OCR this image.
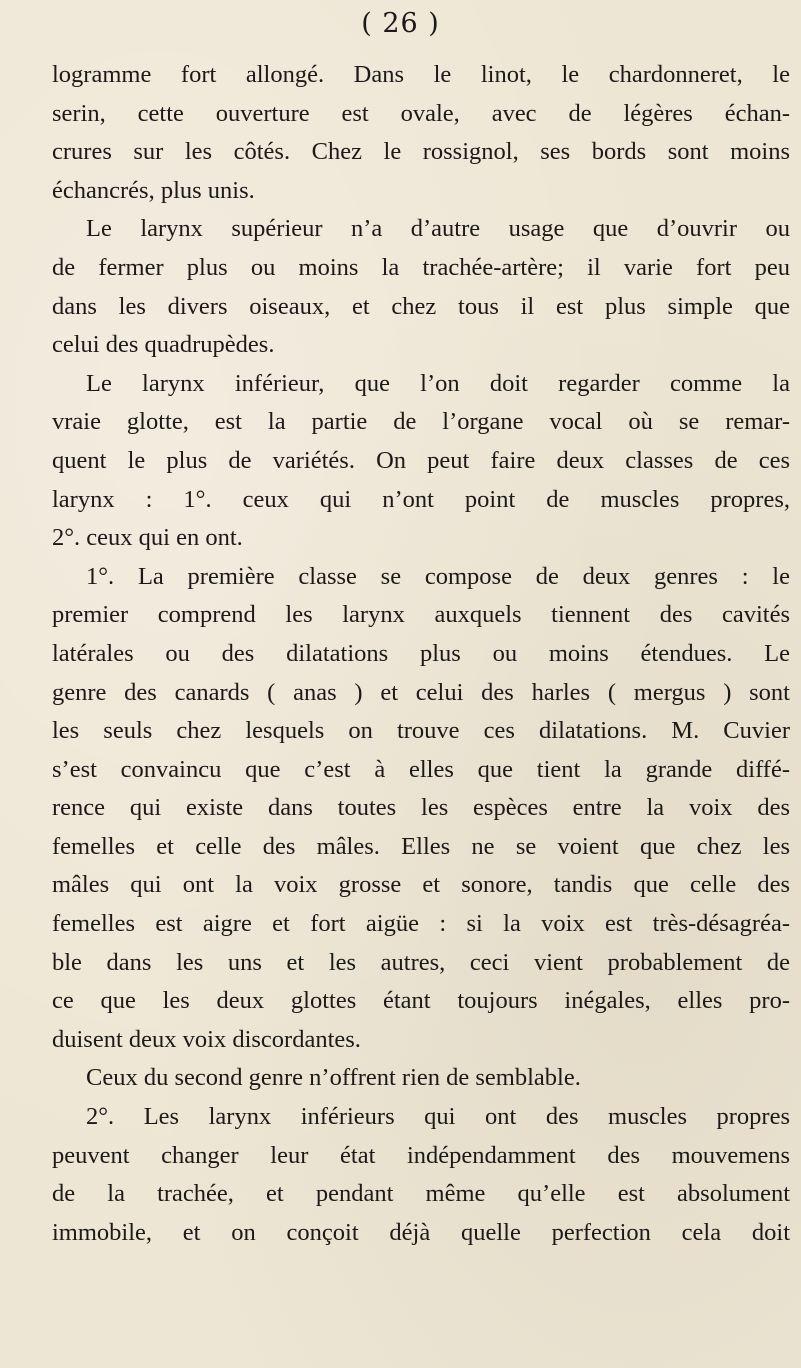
( 26 )
logramme fort allongé. Dans le linot, le chardonneret, le
serin, cette ouverture est ovale, avec de légères échan-
crures sur les côtés. Chez le rossignol, ses bords sont moins
échancrés, plus unis.
Le larynx supérieur n’a d’autre usage que d’ouvrir ou
de fermer plus ou moins la trachée-artère; il varie fort peu
dans les divers oiseaux, et chez tous il est plus simple que
celui des quadrupèdes.
Le larynx inférieur, que l’on doit regarder comme la
vraie glotte, est la partie de l’organe vocal où se remar-
quent le plus de variétés. On peut faire deux classes de ces
larynx : 1°. ceux qui n’ont point de muscles propres,
2°. ceux qui en ont.
1°. La première classe se compose de deux genres : le
premier comprend les larynx auxquels tiennent des cavités
latérales ou des dilatations plus ou moins étendues. Le
genre des canards ( anas ) et celui des harles ( mergus ) sont
les seuls chez lesquels on trouve ces dilatations. M. Cuvier
s’est convaincu que c’est à elles que tient la grande diffé-
rence qui existe dans toutes les espèces entre la voix des
femelles et celle des mâles. Elles ne se voient que chez les
mâles qui ont la voix grosse et sonore, tandis que celle des
femelles est aigre et fort aigüe : si la voix est très-désagréa-
ble dans les uns et les autres, ceci vient probablement de
ce que les deux glottes étant toujours inégales, elles pro-
duisent deux voix discordantes.
Ceux du second genre n’offrent rien de semblable.
2°. Les larynx inférieurs qui ont des muscles propres
peuvent changer leur état indépendamment des mouvemens
de la trachée, et pendant même qu’elle est absolument
immobile, et on conçoit déjà quelle perfection cela doit
